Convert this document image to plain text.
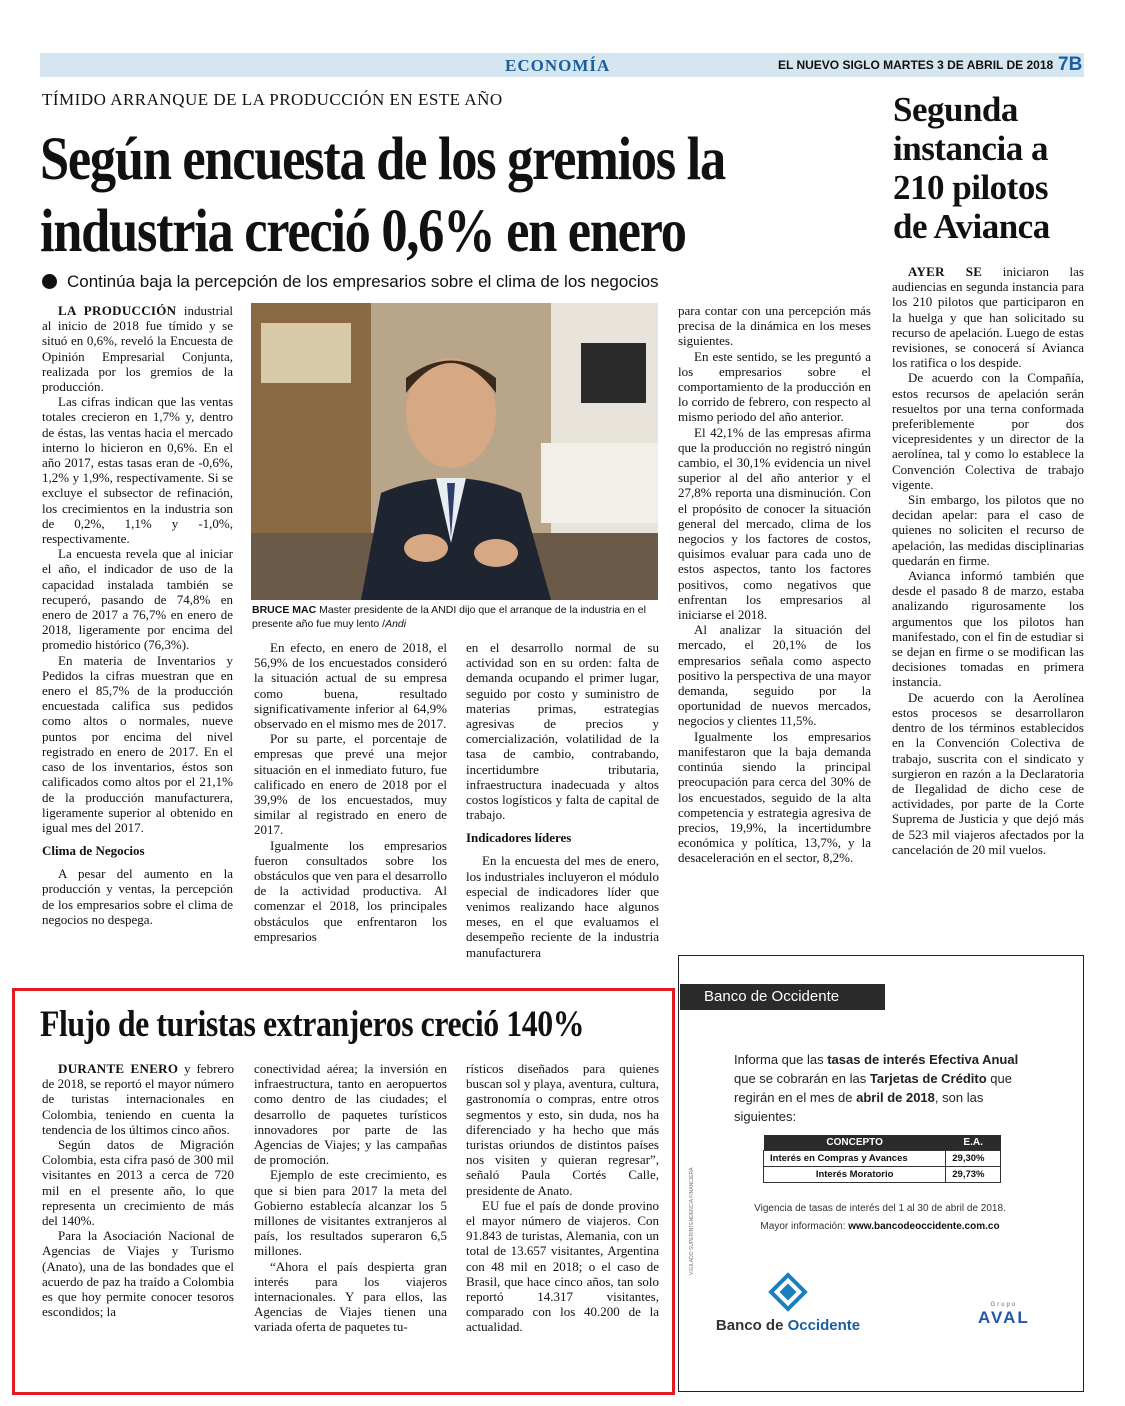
ECONOMÍA	EL NUEVO SIGLO MARTES 3 DE ABRIL DE 2018 7B
TÍMIDO ARRANQUE DE LA PRODUCCIÓN EN ESTE AÑO
Según encuesta de los gremios la
industria creció 0,6% en enero
Continúa baja la percepción de los empresarios sobre el clima de los negocios

LA PRODUCCIÓN industrial al inicio de 2018 fue tímido y se situó en 0,6%, reveló la Encuesta de Opinión Empresarial Conjunta, realizada por los gremios de la producción.

Las cifras indican que las ventas totales crecieron en 1,7% y, dentro de éstas, las ventas hacia el mercado interno lo hicieron en 0,6%. En el año 2017, estas tasas eran de -0,6%, 1,2% y 1,9%, respectivamente. Si se excluye el subsector de refinación, los crecimientos en la industria son de 0,2%, 1,1% y -1,0%, respectivamente.

La encuesta revela que al iniciar el año, el indicador de uso de la capacidad instalada también se recuperó, pasando de 74,8% en enero de 2017 a 76,7% en enero de 2018, ligeramente por encima del promedio histórico (76,3%).

En materia de Inventarios y Pedidos la cifras muestran que en enero el 85,7% de la producción encuestada califica sus pedidos como altos o normales, nueve puntos por encima del nivel registrado en enero de 2017. En el caso de los inventarios, éstos son calificados como altos por el 21,1% de la producción manufacturera, ligeramente superior al obtenido en igual mes del 2017.

Clima de Negocios

A pesar del aumento en la producción y ventas, la percepción de los empresarios sobre el clima de negocios no despega.

BRUCE MAC Master presidente de la ANDI dijo que el arranque de la industria en el presente año fue muy lento /Andi

En efecto, en enero de 2018, el 56,9% de los encuestados consideró la situación actual de su empresa como buena, resultado significativamente inferior al 64,9% observado en el mismo mes de 2017.

Por su parte, el porcentaje de empresas que prevé una mejor situación en el inmediato futuro, fue calificado en enero de 2018 por el 39,9% de los encuestados, muy similar al registrado en enero de 2017.

Igualmente los empresarios fueron consultados sobre los obstáculos que ven para el desarrollo de la actividad productiva. Al comenzar el 2018, los principales obstáculos que enfrentaron los empresarios

en el desarrollo normal de su actividad son en su orden: falta de demanda ocupando el primer lugar, seguido por costo y suministro de materias primas, estrategias agresivas de precios y comercialización, volatilidad de la tasa de cambio, contrabando, incertidumbre tributaria, infraestructura inadecuada y altos costos logísticos y falta de capital de trabajo.

Indicadores líderes

En la encuesta del mes de enero, los industriales incluyeron el módulo especial de indicadores líder que venimos realizando hace algunos meses, en el que evaluamos el desempeño reciente de la industria manufacturera

para contar con una percepción más precisa de la dinámica en los meses siguientes.

En este sentido, se les preguntó a los empresarios sobre el comportamiento de la producción en lo corrido de febrero, con respecto al mismo periodo del año anterior.

El 42,1% de las empresas afirma que la producción no registró ningún cambio, el 30,1% evidencia un nivel superior al del año anterior y el 27,8% reporta una disminución. Con el propósito de conocer la situación general del mercado, clima de los negocios y los factores de costos, quisimos evaluar para cada uno de estos aspectos, tanto los factores positivos, como negativos que enfrentan los empresarios al iniciarse el 2018.

Al analizar la situación del mercado, el 20,1% de los empresarios señala como aspecto positivo la perspectiva de una mayor demanda, seguido por la oportunidad de nuevos mercados, negocios y clientes 11,5%.

Igualmente los empresarios manifestaron que la baja demanda continúa siendo la principal preocupación para cerca del 30% de los encuestados, seguido de la alta competencia y estrategia agresiva de precios, 19,9%, la incertidumbre económica y política, 13,7%, y la desaceleración en el sector, 8,2%.

Segunda instancia a 210 pilotos de Avianca

AYER SE iniciaron las audiencias en segunda instancia para los 210 pilotos que participaron en la huelga y que han solicitado su recurso de apelación. Luego de estas revisiones, se conocerá sí Avianca los ratifica o los despide.

De acuerdo con la Compañía, estos recursos de apelación serán resueltos por una terna conformada preferiblemente por dos vicepresidentes y un director de la aerolínea, tal y como lo establece la Convención Colectiva de trabajo vigente.

Sin embargo, los pilotos que no decidan apelar: para el caso de quienes no soliciten el recurso de apelación, las medidas disciplinarias quedarán en firme.

Avianca informó también que desde el pasado 8 de marzo, estaba analizando rigurosamente los argumentos que los pilotos han manifestado, con el fin de estudiar si se dejan en firme o se modifican las decisiones tomadas en primera instancia.

De acuerdo con la Aerolínea estos procesos se desarrollaron dentro de los términos establecidos en la Convención Colectiva de trabajo, suscrita con el sindicato y surgieron en razón a la Declaratoria de Ilegalidad de dicho cese de actividades, por parte de la Corte Suprema de Justicia y que dejó más de 523 mil viajeros afectados por la cancelación de 20 mil vuelos.

Flujo de turistas extranjeros creció 140%

DURANTE ENERO y febrero de 2018, se reportó el mayor número de turistas internacionales en Colombia, teniendo en cuenta la tendencia de los últimos cinco años.

Según datos de Migración Colombia, esta cifra pasó de 300 mil visitantes en 2013 a cerca de 720 mil en el presente año, lo que representa un crecimiento de más del 140%.

Para la Asociación Nacional de Agencias de Viajes y Turismo (Anato), una de las bondades que el acuerdo de paz ha traído a Colombia es que hoy permite conocer tesoros escondidos; la

conectividad aérea; la inversión en infraestructura, tanto en aeropuertos como dentro de las ciudades; el desarrollo de paquetes turísticos innovadores por parte de las Agencias de Viajes; y las campañas de promoción.

Ejemplo de este crecimiento, es que si bien para 2017 la meta del Gobierno establecía alcanzar los 5 millones de visitantes extranjeros al país, los resultados superaron 6,5 millones.

“Ahora el país despierta gran interés para los viajeros internacionales. Y para ellos, las Agencias de Viajes tienen una variada oferta de paquetes tu-

rísticos diseñados para quienes buscan sol y playa, aventura, cultura, gastronomía o compras, entre otros segmentos y esto, sin duda, nos ha diferenciado y ha hecho que más turistas oriundos de distintos países nos visiten y quieran regresar”, señaló Paula Cortés Calle, presidente de Anato.

EU fue el país de donde provino el mayor número de viajeros. Con 91.843 de turistas, Alemania, con un total de 13.657 visitantes, Argentina con 48 mil en 2018; o el caso de Brasil, que hace cinco años, tan solo reportó 14.317 visitantes, comparado con los 40.200 de la actualidad.

Banco de Occidente
Informa que las tasas de interés Efectiva Anual que se cobrarán en las Tarjetas de Crédito que regirán en el mes de abril de 2018, son las siguientes:
CONCEPTO	E.A.
Interés en Compras y Avances	29,30%
Interés Moratorio	29,73%
Vigencia de tasas de interés del 1 al 30 de abril de 2018.
Mayor información: www.bancodeoccidente.com.co
VIGILADO SUPERINTENDENCIA FINANCIERA
Banco de Occidente
Grupo
AVAL
